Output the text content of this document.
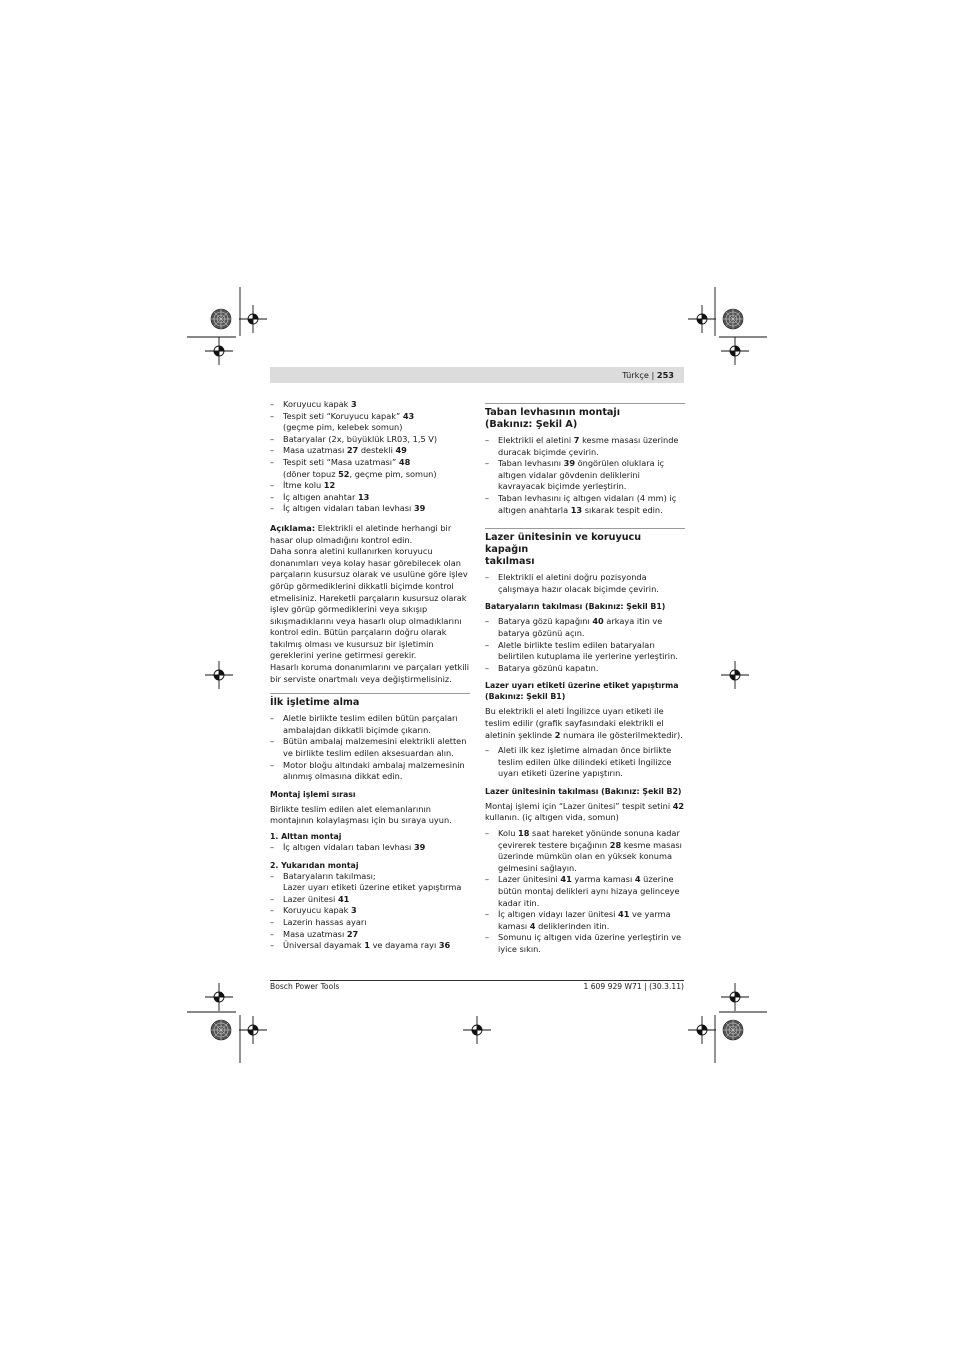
Türkçe | 253
– Koruyucu kapak 3
– Tespit seti “Koruyucu kapak” 43
(geçme pim, kelebek somun)
– Bataryalar (2x, büyüklük LR03, 1,5 V)
– Masa uzatması 27 destekli 49
– Tespit seti “Masa uzatması” 48
(döner topuz 52, geçme pim, somun)
– İtme kolu 12
– İç altıgen anahtar 13
– İç altıgen vidaları taban levhası 39
Açıklama: Elektrikli el aletinde herhangi bir
hasar olup olmadığını kontrol edin.
Daha sonra aletini kullanırken koruyucu
donanımları veya kolay hasar görebilecek olan
parçaların kusursuz olarak ve usulüne göre işlev
görüp görmediklerini dikkatli biçimde kontrol
etmelisiniz. Hareketli parçaların kusursuz olarak
işlev görüp görmediklerini veya sıkışıp
sıkışmadıklarını veya hasarlı olup olmadıklarını
kontrol edin. Bütün parçaların doğru olarak
takılmış olması ve kusursuz bir işletimin
gereklerini yerine getirmesi gerekir.
Hasarlı koruma donanımlarını ve parçaları yetkili
bir serviste onartmalı veya değiştirmelisiniz.
İlk işletime alma
– Aletle birlikte teslim edilen bütün parçaları
ambalajdan dikkatli biçimde çıkarın.
– Bütün ambalaj malzemesini elektrikli aletten
ve birlikte teslim edilen aksesuardan alın.
– Motor bloğu altındaki ambalaj malzemesinin
alınmış olmasına dikkat edin.
Montaj işlemi sırası
Birlikte teslim edilen alet elemanlarının
montajının kolaylaşması için bu sıraya uyun.
1. Alttan montaj
– İç altıgen vidaları taban levhası 39
2. Yukarıdan montaj
– Bataryaların takılması;
Lazer uyarı etiketi üzerine etiket yapıştırma
– Lazer ünitesi 41
– Koruyucu kapak 3
– Lazerin hassas ayarı
– Masa uzatması 27
– Üniversal dayamak 1 ve dayama rayı 36
Taban levhasının montajı
(Bakınız: Şekil A)
– Elektrikli el aletini 7 kesme masası üzerinde
duracak biçimde çevirin.
– Taban levhasını 39 öngörülen oluklara iç
altıgen vidalar gövdenin deliklerini
kavrayacak biçimde yerleştirin.
– Taban levhasını iç altıgen vidaları (4 mm) iç
altıgen anahtarla 13 sıkarak tespit edin.
Lazer ünitesinin ve koruyucu kapağın
takılması
– Elektrikli el aletini doğru pozisyonda
çalışmaya hazır olacak biçimde çevirin.
Bataryaların takılması (Bakınız: Şekil B1)
– Batarya gözü kapağını 40 arkaya itin ve
batarya gözünü açın.
– Aletle birlikte teslim edilen bataryaları
belirtilen kutuplama ile yerlerine yerleştirin.
– Batarya gözünü kapatın.
Lazer uyarı etiketi üzerine etiket yapıştırma
(Bakınız: Şekil B1)
Bu elektrikli el aleti İngilizce uyarı etiketi ile
teslim edilir (grafik sayfasındaki elektrikli el
aletinin şeklinde 2 numara ile gösterilmektedir).
– Aleti ilk kez işletime almadan önce birlikte
teslim edilen ülke dilindeki etiketi İngilizce
uyarı etiketi üzerine yapıştırın.
Lazer ünitesinin takılması (Bakınız: Şekil B2)
Montaj işlemi için “Lazer ünitesi” tespit setini 42
kullanın. (iç altıgen vida, somun)
– Kolu 18 saat hareket yönünde sonuna kadar
çevirerek testere bıçağının 28 kesme masası
üzerinde mümkün olan en yüksek konuma
gelmesini sağlayın.
– Lazer ünitesini 41 yarma kaması 4 üzerine
bütün montaj delikleri aynı hizaya gelinceye
kadar itin.
– İç altıgen vidayı lazer ünitesi 41 ve yarma
kaması 4 deliklerinden itin.
– Somunu iç altıgen vida üzerine yerleştirin ve
iyice sıkın.
Bosch Power Tools	1 609 929 W71 | (30.3.11)
